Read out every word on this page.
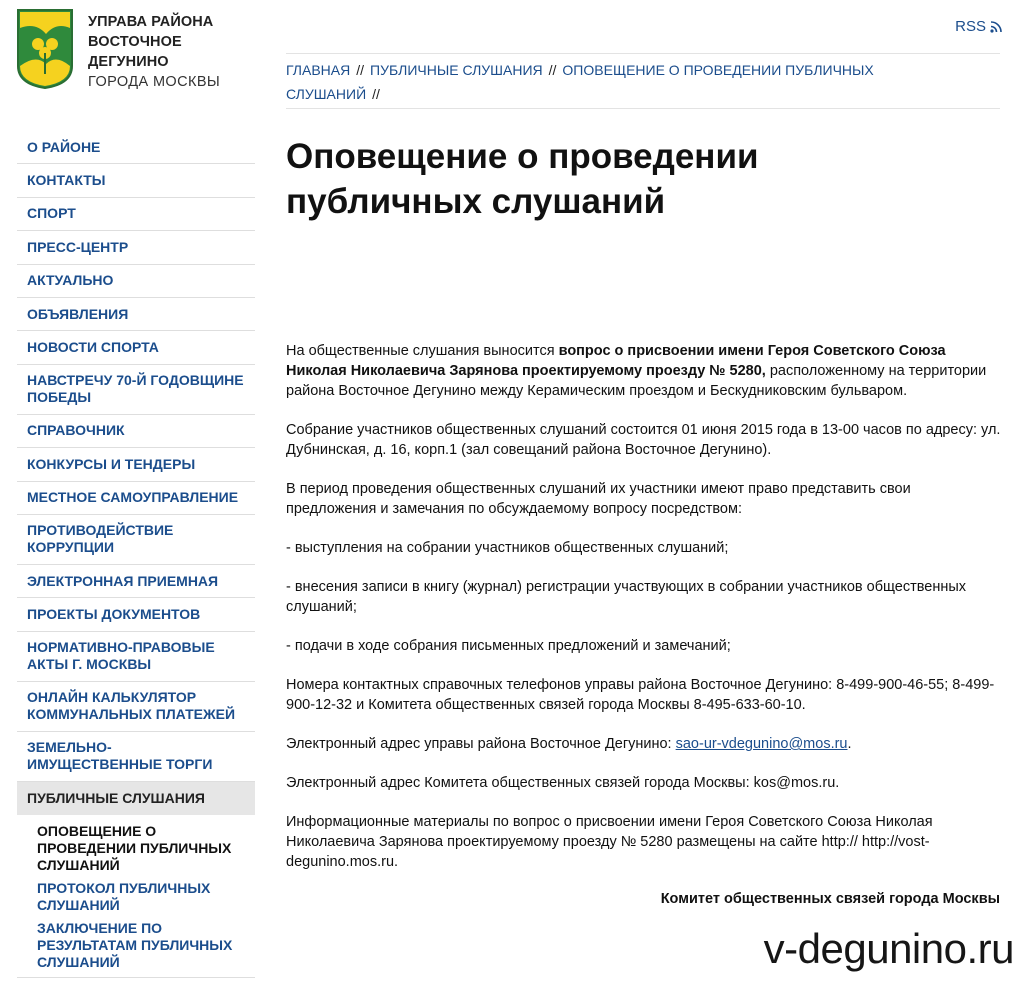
УПРАВА РАЙОНА
ВОСТОЧНОЕ ДЕГУНИНО
ГОРОДА МОСКВЫ
RSS
ГЛАВНАЯ // ПУБЛИЧНЫЕ СЛУШАНИЯ // ОПОВЕЩЕНИЕ О ПРОВЕДЕНИИ ПУБЛИЧНЫХ СЛУШАНИЙ //
О РАЙОНЕ
КОНТАКТЫ
СПОРТ
ПРЕСС-ЦЕНТР
АКТУАЛЬНО
ОБЪЯВЛЕНИЯ
НОВОСТИ СПОРТА
НАВСТРЕЧУ 70-Й ГОДОВЩИНЕ ПОБЕДЫ
СПРАВОЧНИК
КОНКУРСЫ И ТЕНДЕРЫ
МЕСТНОЕ САМОУПРАВЛЕНИЕ
ПРОТИВОДЕЙСТВИЕ КОРРУПЦИИ
ЭЛЕКТРОННАЯ ПРИЕМНАЯ
ПРОЕКТЫ ДОКУМЕНТОВ
НОРМАТИВНО-ПРАВОВЫЕ АКТЫ Г. МОСКВЫ
ОНЛАЙН КАЛЬКУЛЯТОР КОММУНАЛЬНЫХ ПЛАТЕЖЕЙ
ЗЕМЕЛЬНО-ИМУЩЕСТВЕННЫЕ ТОРГИ
ПУБЛИЧНЫЕ СЛУШАНИЯ
ОПОВЕЩЕНИЕ О ПРОВЕДЕНИИ ПУБЛИЧНЫХ СЛУШАНИЙ
ПРОТОКОЛ ПУБЛИЧНЫХ СЛУШАНИЙ
ЗАКЛЮЧЕНИЕ ПО РЕЗУЛЬТАТАМ ПУБЛИЧНЫХ СЛУШАНИЙ
Оповещение о проведении публичных слушаний

На общественные слушания выносится вопрос о присвоении имени Героя Советского Союза Николая Николаевича Зарянова проектируемому проезду № 5280, расположенному на территории района Восточное Дегунино между Керамическим проездом и Бескудниковским бульваром.

Собрание участников общественных слушаний состоится 01 июня 2015 года в 13-00 часов по адресу: ул. Дубнинская, д. 16, корп.1 (зал совещаний района Восточное Дегунино).

В период проведения общественных слушаний их участники имеют право представить свои предложения и замечания по обсуждаемому вопросу посредством:

- выступления на собрании участников общественных слушаний;

- внесения записи в книгу (журнал) регистрации участвующих в собрании участников общественных слушаний;

- подачи в ходе собрания письменных предложений и замечаний;

Номера контактных справочных телефонов управы района Восточное Дегунино: 8-499-900-46-55; 8-499-900-12-32 и Комитета общественных связей города Москвы 8-495-633-60-10.

Электронный адрес управы района Восточное Дегунино: sao-ur-vdegunino@mos.ru.

Электронный адрес Комитета общественных связей города Москвы: kos@mos.ru.

Информационные материалы по вопрос о присвоении имени Героя Советского Союза Николая Николаевича Зарянова проектируемому проезду № 5280 размещены на сайте http:// http://vost-degunino.mos.ru.

Комитет общественных связей города Москвы

v-degunino.ru
